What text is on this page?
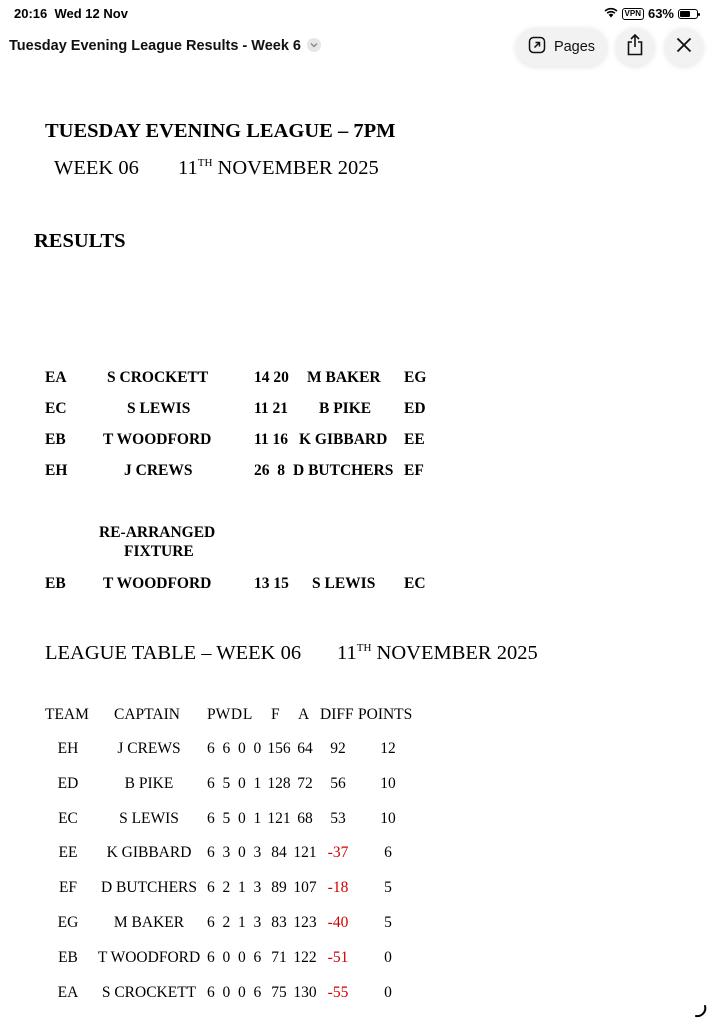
20:16 Wed 12 Nov	VPN 63%
Tuesday Evening League Results - Week 6	Pages
TUESDAY EVENING LEAGUE – 7PM
WEEK 06 11TH NOVEMBER 2025
RESULTS
EA	S CROCKETT	14 20 M BAKER EG
EC	S LEWIS	11 21 B PIKE ED
EB T WOODFORD	11 16 K GIBBARD EE
EH	J CREWS	26  8 D BUTCHERS EF
RE-ARRANGED
FIXTURE
EB T WOODFORD	13 15 S LEWIS EC
LEAGUE TABLE – WEEK 06 11TH NOVEMBER 2025
TEAM CAPTAIN P W D L F A DIFF POINTS
EH	J CREWS 6  6  0  0 156 64 92 12
ED	B PIKE 6  5  0  1 128 72 56 10
EC	S LEWIS 6  5  0  1 121 68 53 10
EE K GIBBARD 6  3  0  3 84 121 -37 6
EF D BUTCHERS 6  2  1  3 89 107 -18 5
EG M BAKER 6  2  1  3 83 123 -40 5
EB T WOODFORD 6  0  0  6 71 122 -51 0
EA S CROCKETT 6  0  0  6 75 130 -55 0
